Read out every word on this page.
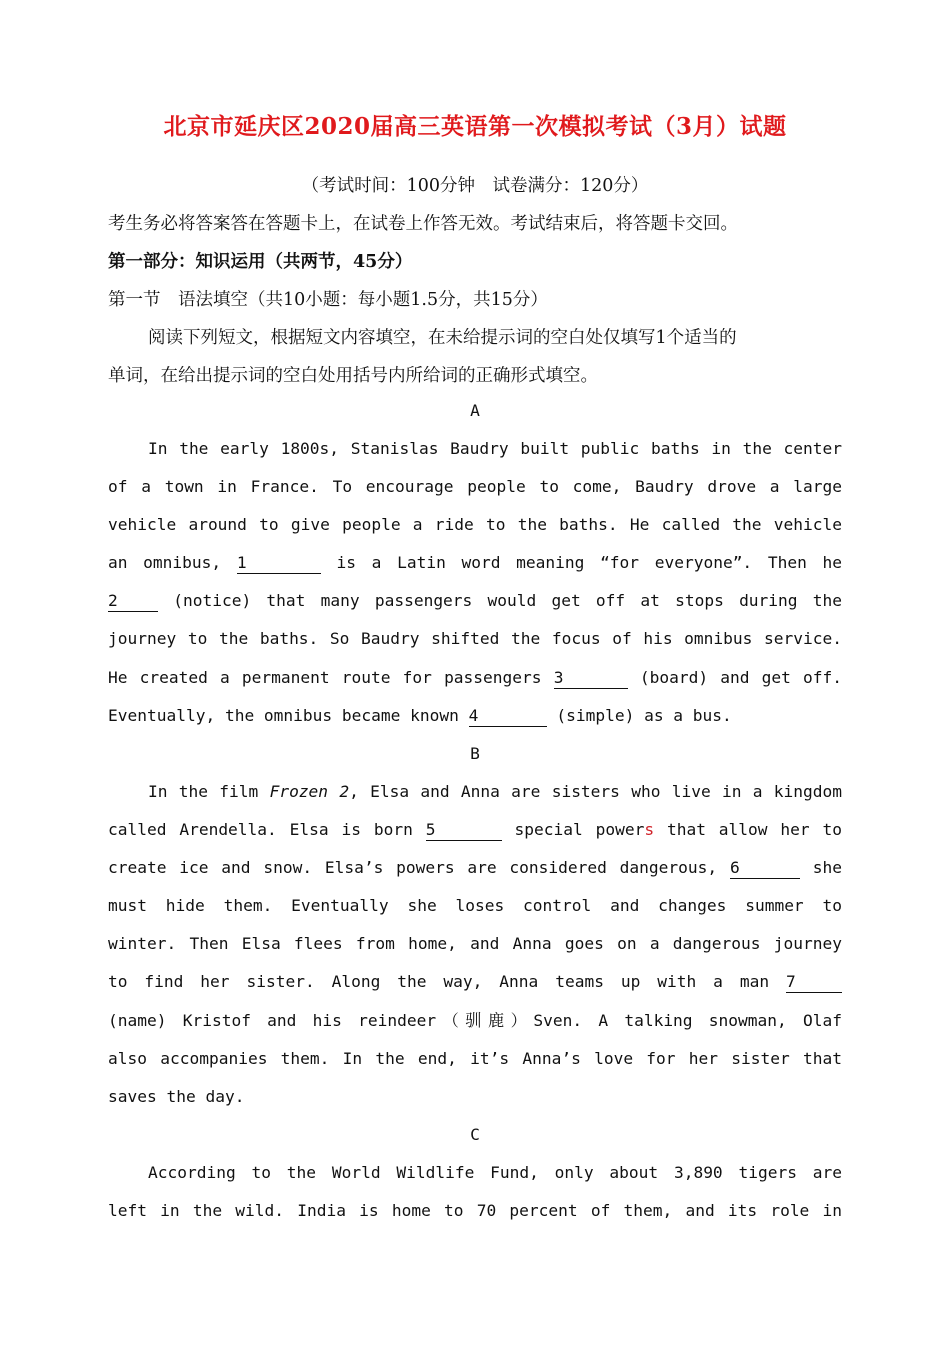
北京市延庆区2020届高三英语第一次模拟考试（3月）试题
（考试时间：100分钟　试卷满分：120分）
考生务必将答案答在答题卡上，在试卷上作答无效。考试结束后，将答题卡交回。
第一部分：知识运用（共两节，45分）
第一节　语法填空（共10小题：每小题1.5分，共15分）
阅读下列短文，根据短文内容填空，在未给提示词的空白处仅填写1个适当的
单词，在给出提示词的空白处用括号内所给词的正确形式填空。
A
In the early 1800s, Stanislas Baudry built public baths in the center
of a town in France. To encourage people to come, Baudry drove a large
vehicle around to give people a ride to the baths. He called the vehicle
an omnibus, 1	is a Latin word meaning “for everyone”. Then he
2	(notice) that many passengers would get off at stops during the
journey to the baths. So Baudry shifted the focus of his omnibus service.
He created a permanent route for passengers 3	(board) and get off.
Eventually, the omnibus became known 4	(simple) as a bus.
B
In the film Frozen 2, Elsa and Anna are sisters who live in a kingdom
called Arendella. Elsa is born 5	special powers that allow her to
create ice and snow. Elsa’s powers are considered dangerous, 6	she
must hide them. Eventually she loses control and changes summer to
winter. Then Elsa flees from home, and Anna goes on a dangerous journey
to find her sister. Along the way, Anna teams up with a man 7
(name) Kristof and his reindeer（驯鹿）Sven. A talking snowman, Olaf
also accompanies them. In the end, it’s Anna’s love for her sister that
saves the day.
C
According to the World Wildlife Fund, only about 3,890 tigers are
left in the wild. India is home to 70 percent of them, and its role in
